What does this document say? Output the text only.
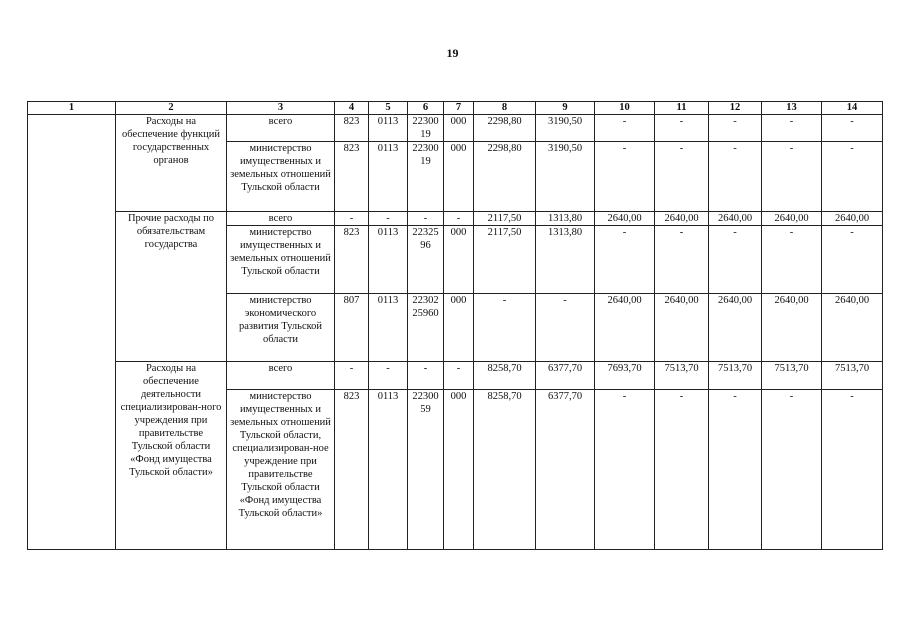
19
1	2	3	4	5	6	7	8	9	10	11	12	13	14
	Расходы на обеспечение функций государственных органов	всего	823	0113	22300 19	000	2298,80	3190,50	-	-	-	-	-
		министерство имущественных и земельных отношений Тульской области	823	0113	22300 19	000	2298,80	3190,50	-	-	-	-	-
	Прочие расходы по обязательствам государства	всего	-	-	-	-	2117,50	1313,80	2640,00	2640,00	2640,00	2640,00	2640,00
		министерство имущественных и земельных отношений Тульской области	823	0113	22325 96	000	2117,50	1313,80	-	-	-	-	-
		министерство экономического развития Тульской области	807	0113	22302 25960	000	-	-	2640,00	2640,00	2640,00	2640,00	2640,00
	Расходы на обеспечение деятельности специализирован-ного учреждения при правительстве Тульской области «Фонд имущества Тульской области»	всего	-	-	-	-	8258,70	6377,70	7693,70	7513,70	7513,70	7513,70	7513,70
		министерство имущественных и земельных отношений Тульской области, специализирован-ное учреждение при правительстве Тульской области «Фонд имущества Тульской области»	823	0113	22300 59	000	8258,70	6377,70	-	-	-	-	-
